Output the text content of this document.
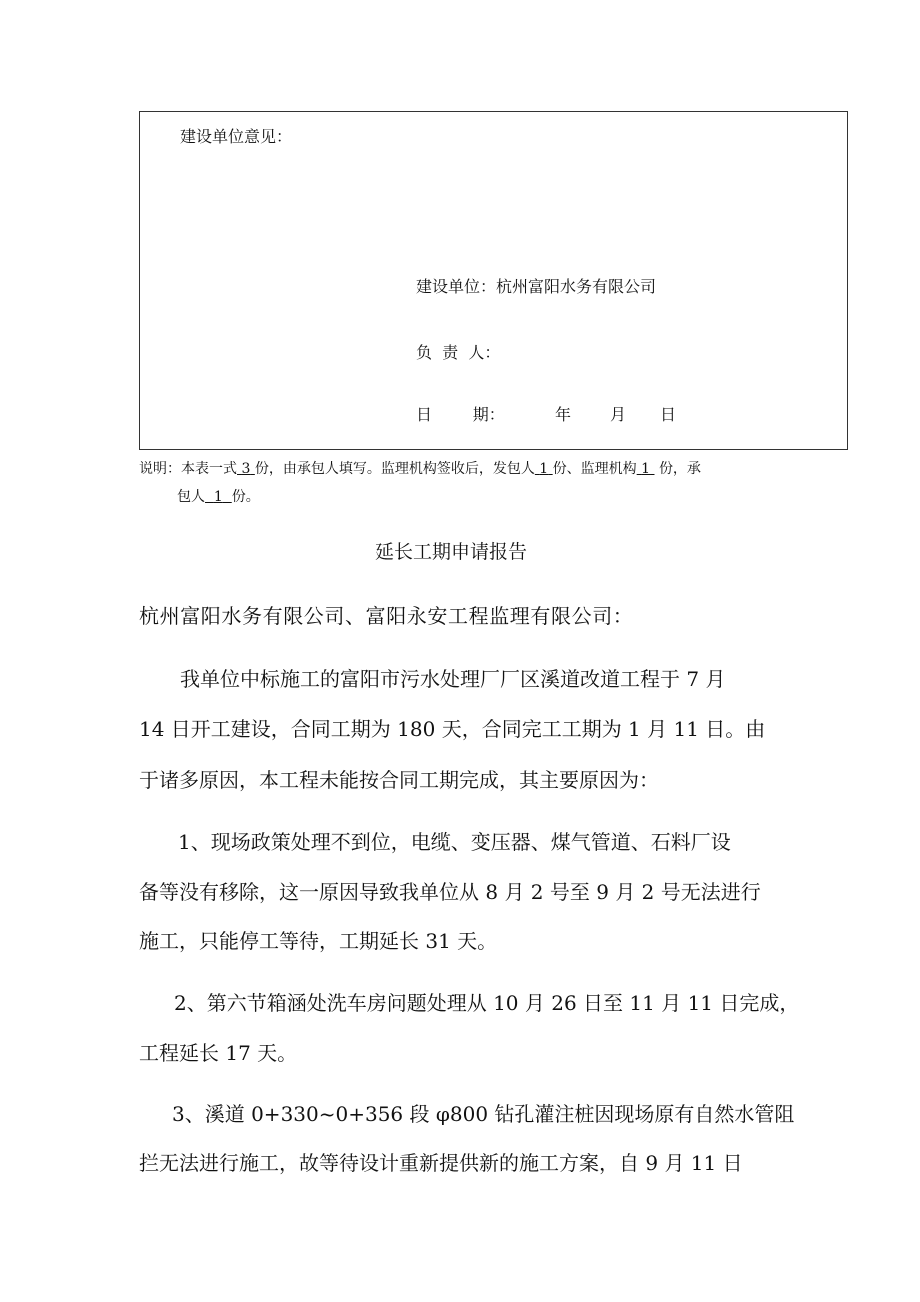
建设单位意见：
建设单位：杭州富阳水务有限公司
负  责  人：
日        期：	年 月 日
说明：本表一式 3 份，由承包人填写。监理机构签收后，发包人 1 份、监理机构 1 份，承
包人 1 份。
延长工期申请报告
杭州富阳水务有限公司、富阳永安工程监理有限公司：
我单位中标施工的富阳市污水处理厂厂区溪道改道工程于 7 月
14 日开工建设，合同工期为 180 天，合同完工工期为 1 月 11 日。由
于诸多原因，本工程未能按合同工期完成，其主要原因为：
1、现场政策处理不到位，电缆、变压器、煤气管道、石料厂设
备等没有移除，这一原因导致我单位从 8 月 2 号至 9 月 2 号无法进行
施工，只能停工等待，工期延长 31 天。
2、第六节箱涵处洗车房问题处理从 10 月 26 日至 11 月 11 日完成，
工程延长 17 天。
3、溪道 0+330~0+356 段 φ800 钻孔灌注桩因现场原有自然水管阻
拦无法进行施工，故等待设计重新提供新的施工方案，自 9 月 11 日
